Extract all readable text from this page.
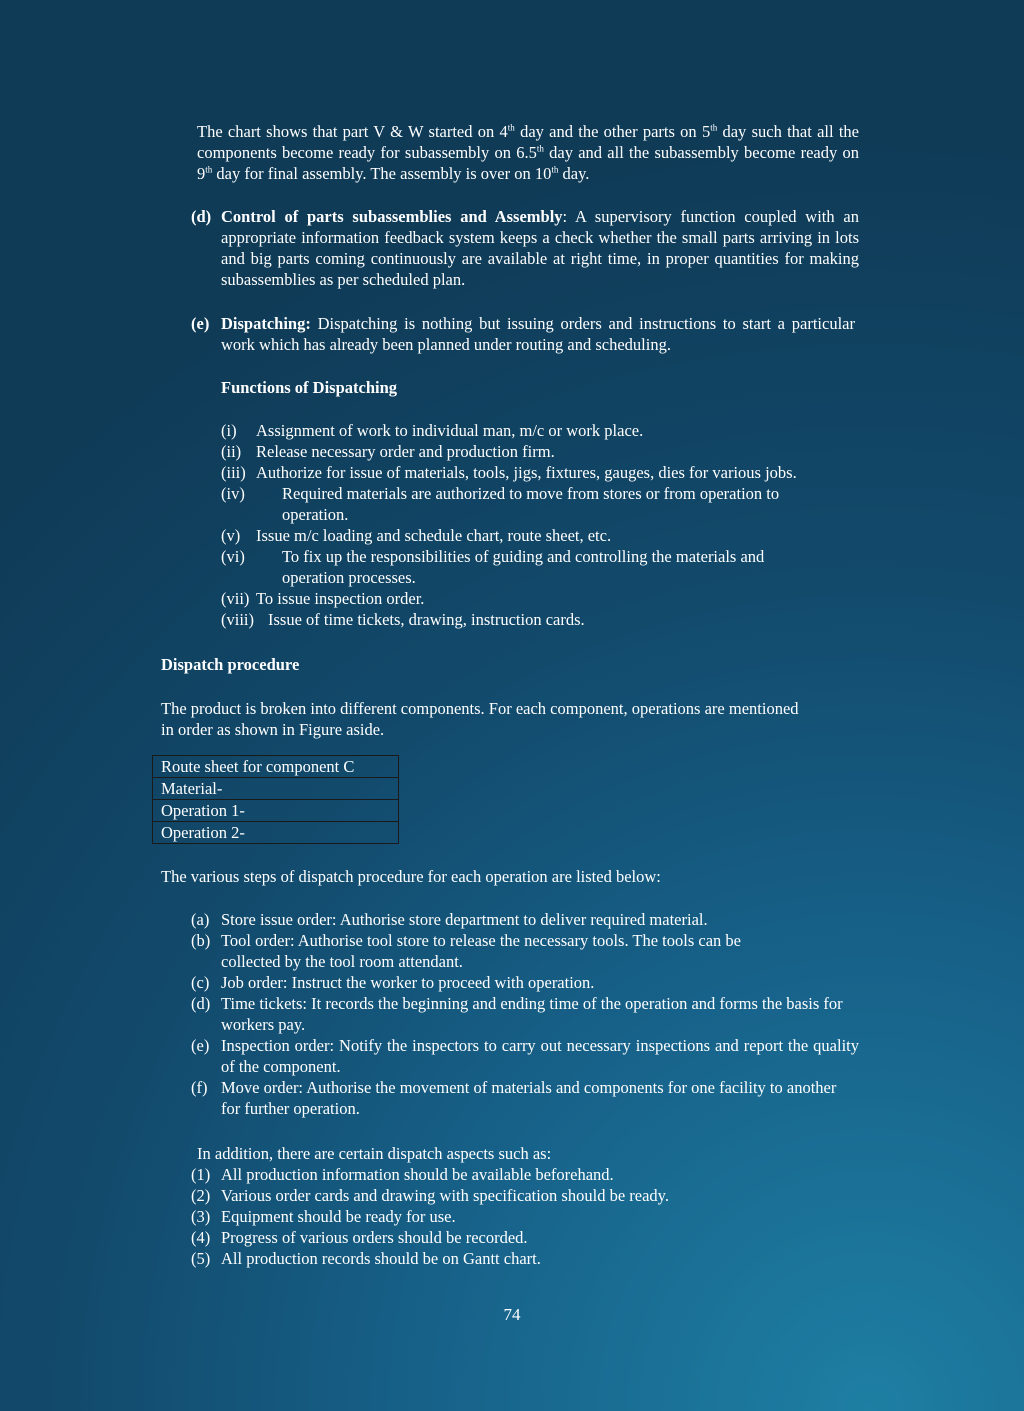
The chart shows that part V & W started on 4th day and the other parts on 5th day such that all the components become ready for subassembly on 6.5th day and all the subassembly become ready on 9th day for final assembly. The assembly is over on 10th day.

(d) Control of parts subassemblies and Assembly: A supervisory function coupled with an appropriate information feedback system keeps a check whether the small parts arriving in lots and big parts coming continuously are available at right time, in proper quantities for making subassemblies as per scheduled plan.

(e) Dispatching: Dispatching is nothing but issuing orders and instructions to start a particular work which has already been planned under routing and scheduling.

Functions of Dispatching

(i) Assignment of work to individual man, m/c or work place.
(ii) Release necessary order and production firm.
(iii) Authorize for issue of materials, tools, jigs, fixtures, gauges, dies for various jobs.
(iv) Required materials are authorized to move from stores or from operation to operation.
(v) Issue m/c loading and schedule chart, route sheet, etc.
(vi) To fix up the responsibilities of guiding and controlling the materials and operation processes.
(vii) To issue inspection order.
(viii) Issue of time tickets, drawing, instruction cards.

Dispatch procedure

The product is broken into different components. For each component, operations are mentioned in order as shown in Figure aside.

Route sheet for component C
Material-
Operation 1-
Operation 2-

The various steps of dispatch procedure for each operation are listed below:

(a) Store issue order: Authorise store department to deliver required material.
(b) Tool order: Authorise tool store to release the necessary tools. The tools can be collected by the tool room attendant.
(c) Job order: Instruct the worker to proceed with operation.
(d) Time tickets: It records the beginning and ending time of the operation and forms the basis for workers pay.
(e) Inspection order: Notify the inspectors to carry out necessary inspections and report the quality of the component.
(f) Move order: Authorise the movement of materials and components for one facility to another for further operation.

In addition, there are certain dispatch aspects such as:

(1) All production information should be available beforehand.
(2) Various order cards and drawing with specification should be ready.
(3) Equipment should be ready for use.
(4) Progress of various orders should be recorded.
(5) All production records should be on Gantt chart.
74
